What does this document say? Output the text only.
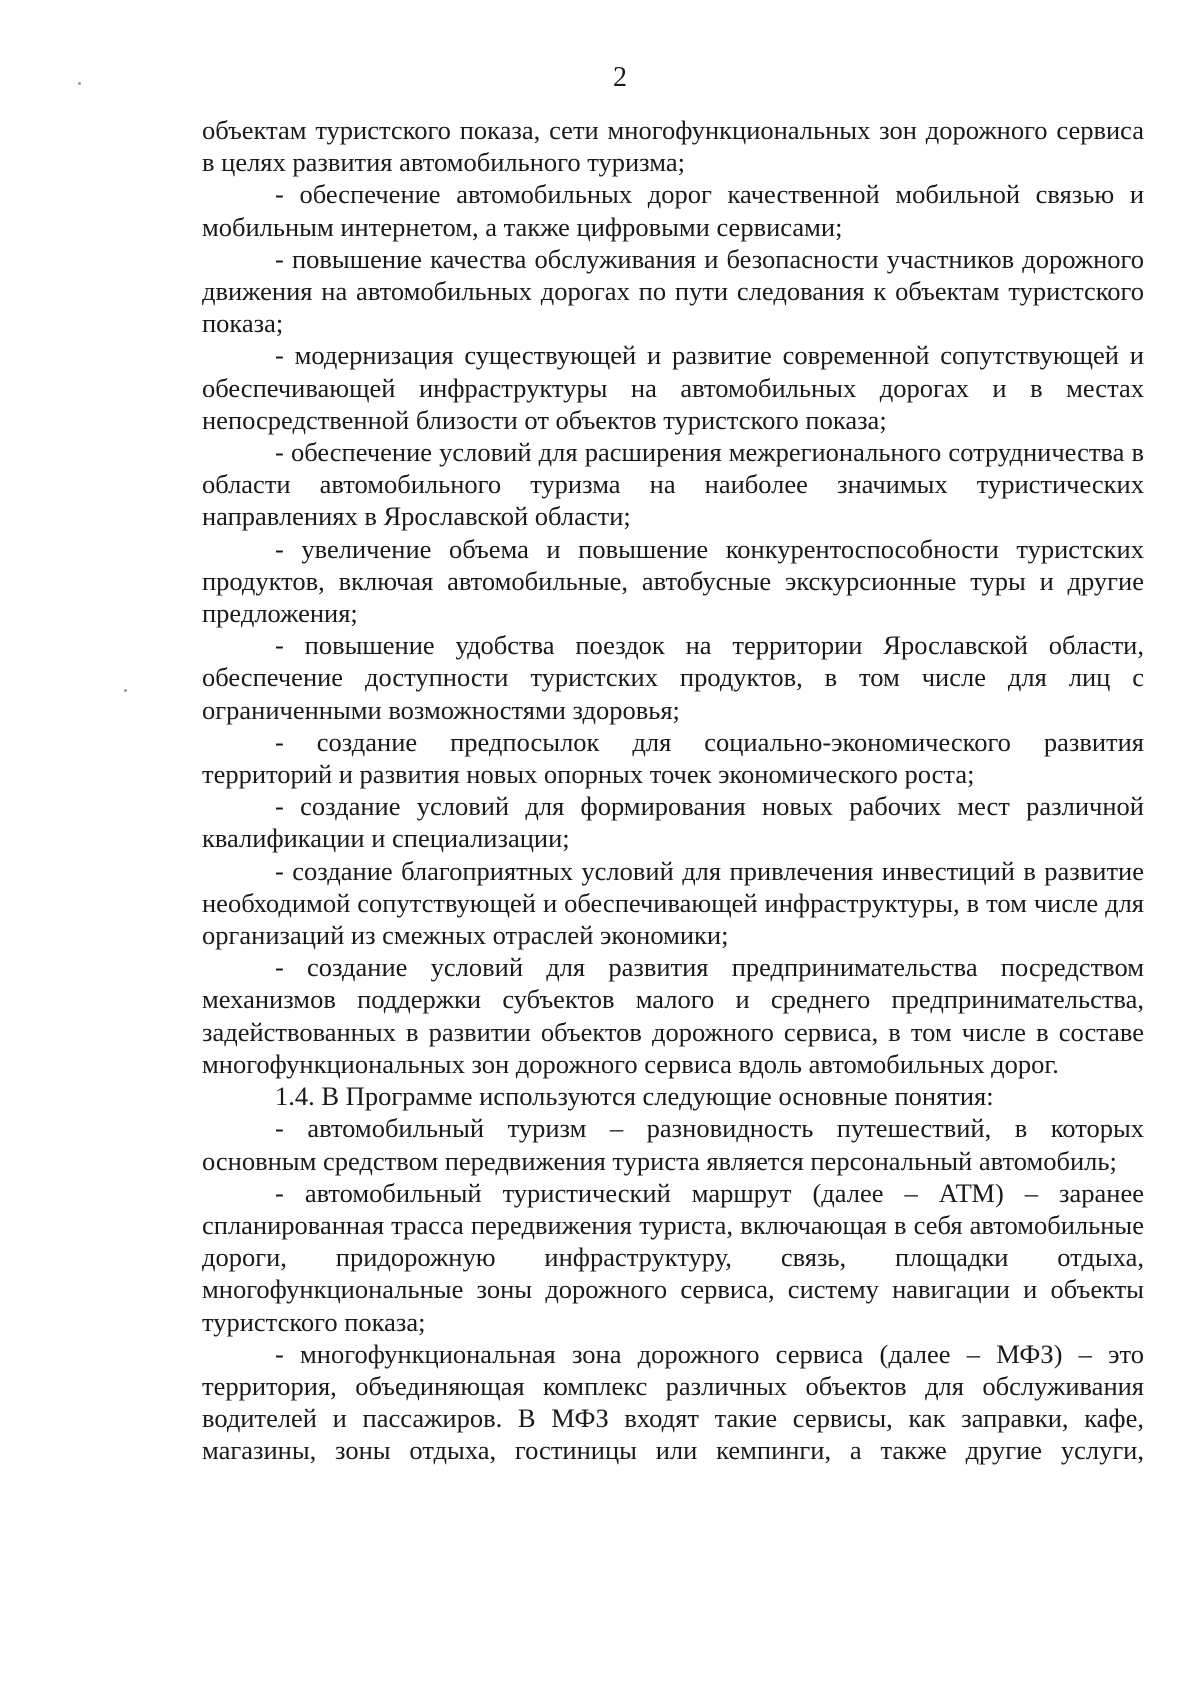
2

объектам туристского показа, сети многофункциональных зон дорожного сервиса в целях развития автомобильного туризма;

- обеспечение автомобильных дорог качественной мобильной связью и мобильным интернетом, а также цифровыми сервисами;

- повышение качества обслуживания и безопасности участников дорожного движения на автомобильных дорогах по пути следования к объектам туристского показа;

- модернизация существующей и развитие современной сопутствующей и обеспечивающей инфраструктуры на автомобильных дорогах и в местах непосредственной близости от объектов туристского показа;

- обеспечение условий для расширения межрегионального сотрудничества в области автомобильного туризма на наиболее значимых туристических направлениях в Ярославской области;

- увеличение объема и повышение конкурентоспособности туристских продуктов, включая автомобильные, автобусные экскурсионные туры и другие предложения;

- повышение удобства поездок на территории Ярославской области, обеспечение доступности туристских продуктов, в том числе для лиц с ограниченными возможностями здоровья;

- создание предпосылок для социально-экономического развития территорий и развития новых опорных точек экономического роста;

- создание условий для формирования новых рабочих мест различной квалификации и специализации;

- создание благоприятных условий для привлечения инвестиций в развитие необходимой сопутствующей и обеспечивающей инфраструктуры, в том числе для организаций из смежных отраслей экономики;

- создание условий для развития предпринимательства посредством механизмов поддержки субъектов малого и среднего предпринимательства, задействованных в развитии объектов дорожного сервиса, в том числе в составе многофункциональных зон дорожного сервиса вдоль автомобильных дорог.

1.4. В Программе используются следующие основные понятия:

- автомобильный туризм – разновидность путешествий, в которых основным средством передвижения туриста является персональный автомобиль;

- автомобильный туристический маршрут (далее – АТМ) – заранее спланированная трасса передвижения туриста, включающая в себя автомобильные дороги, придорожную инфраструктуру, связь, площадки отдыха, многофункциональные зоны дорожного сервиса, систему навигации и объекты туристского показа;

- многофункциональная зона дорожного сервиса (далее – МФЗ) – это территория, объединяющая комплекс различных объектов для обслуживания водителей и пассажиров. В МФЗ входят такие сервисы, как заправки, кафе, магазины, зоны отдыха, гостиницы или кемпинги, а также другие услуги,
